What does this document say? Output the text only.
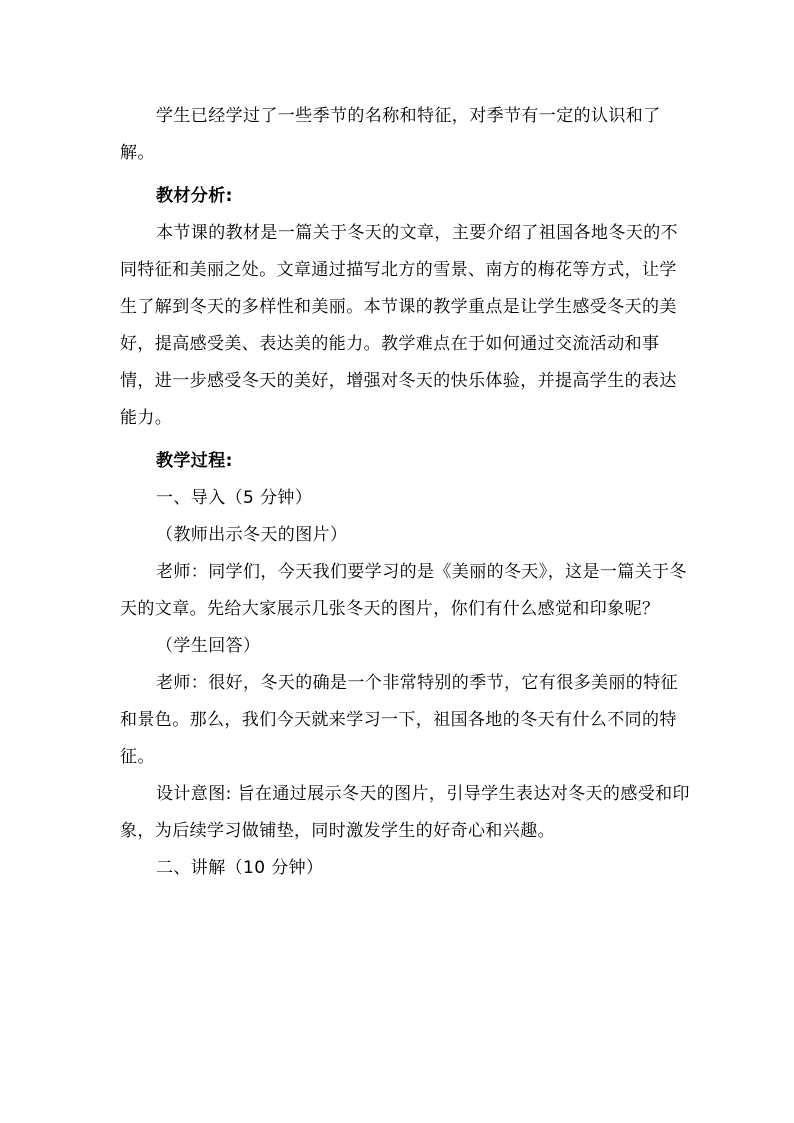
学生已经学过了一些季节的名称和特征，对季节有一定的认识和了解。

教材分析:

本节课的教材是一篇关于冬天的文章，主要介绍了祖国各地冬天的不同特征和美丽之处。文章通过描写北方的雪景、南方的梅花等方式，让学生了解到冬天的多样性和美丽。本节课的教学重点是让学生感受冬天的美好，提高感受美、表达美的能力。教学难点在于如何通过交流活动和事情，进一步感受冬天的美好，增强对冬天的快乐体验，并提高学生的表达能力。

教学过程:

一、导入（5 分钟）

（教师出示冬天的图片）

老师：同学们，今天我们要学习的是《美丽的冬天》，这是一篇关于冬天的文章。先给大家展示几张冬天的图片，你们有什么感觉和印象呢？

（学生回答）

老师：很好，冬天的确是一个非常特别的季节，它有很多美丽的特征和景色。那么，我们今天就来学习一下，祖国各地的冬天有什么不同的特征。

设计意图: 旨在通过展示冬天的图片，引导学生表达对冬天的感受和印象，为后续学习做铺垫，同时激发学生的好奇心和兴趣。

二、讲解（10 分钟）
